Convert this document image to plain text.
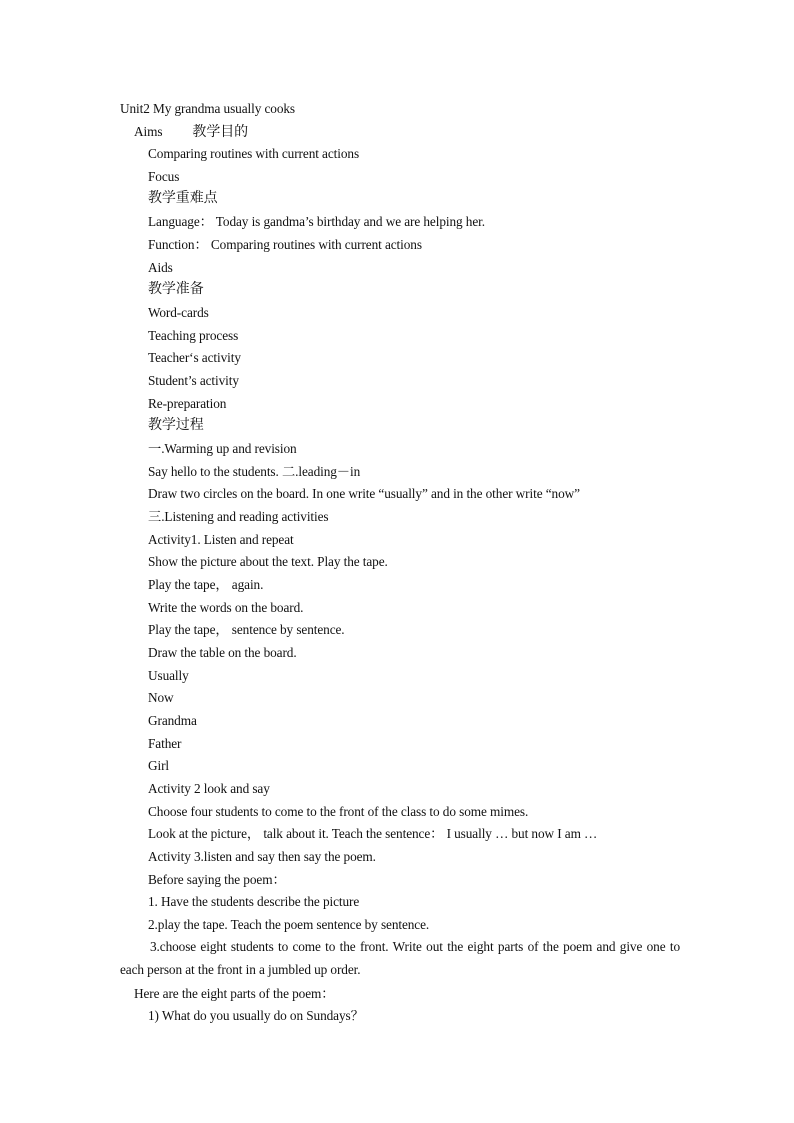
Unit2 My grandma usually cooks
Aims 教学目的
Comparing routines with current actions
Focus
教学重难点
Language： Today is gandma’s birthday and we are helping her.
Function： Comparing routines with current actions
Aids
教学准备
Word-cards
Teaching process
Teacher‘s activity
Student’s activity
Re-preparation
教学过程
一.Warming up and revision
Say hello to the students. 二.leading－in
Draw two circles on the board. In one write “usually” and in the other write “now”
三.Listening and reading activities
Activity1. Listen and repeat
Show the picture about the text. Play the tape.
Play the tape， again.
Write the words on the board.
Play the tape， sentence by sentence.
Draw the table on the board.
Usually
Now
Grandma
Father
Girl
Activity 2 look and say
Choose four students to come to the front of the class to do some mimes.
Look at the picture， talk about it. Teach the sentence： I usually … but now I am …
Activity 3.listen and say then say the poem.
Before saying the poem：
1. Have the students describe the picture
2.play the tape. Teach the poem sentence by sentence.
3.choose eight students to come to the front. Write out the eight parts of the poem and give one to each person at the front in a jumbled up order.
Here are the eight parts of the poem：
1) What do you usually do on Sundays？
